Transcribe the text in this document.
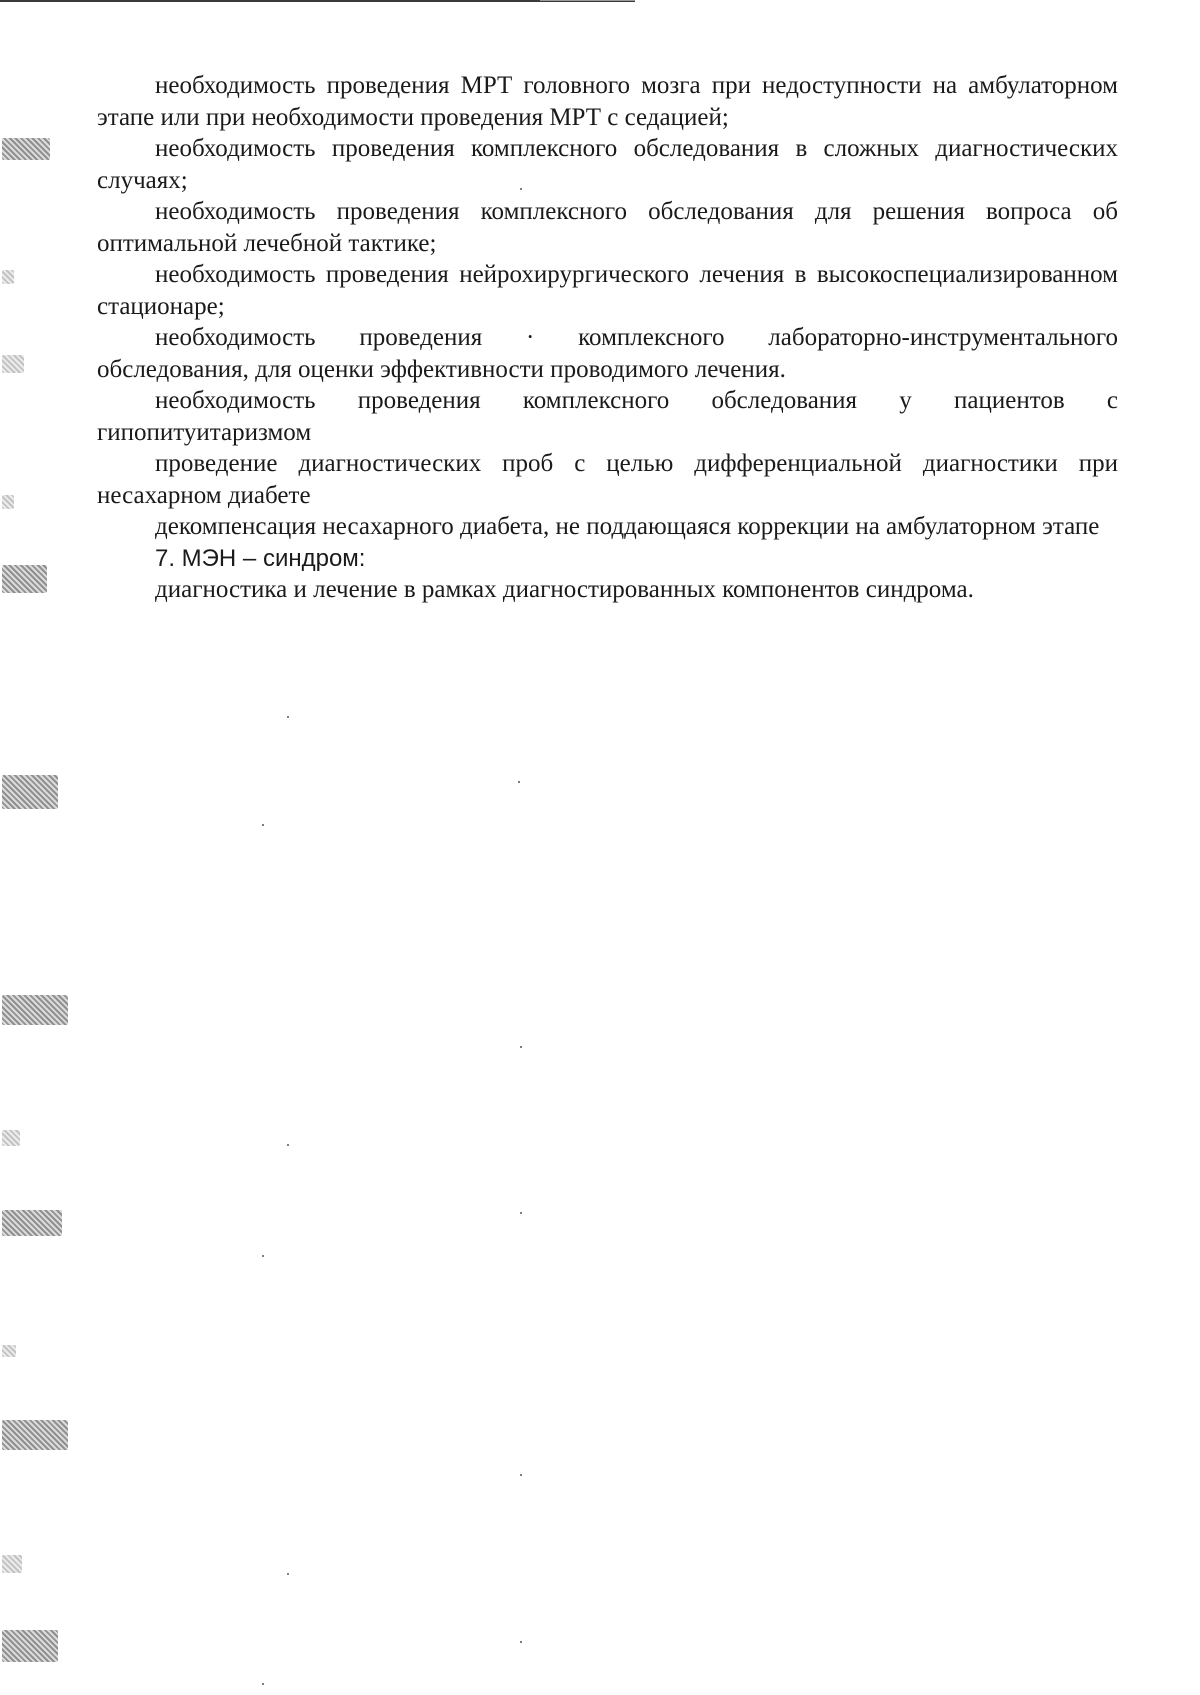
необходимость проведения МРТ головного мозга при недоступности на амбулаторном этапе или при необходимости проведения МРТ с седацией;

необходимость проведения комплексного обследования в сложных диагностических случаях;

необходимость проведения комплексного обследования для решения вопроса об оптимальной лечебной тактике;

необходимость проведения нейрохирургического лечения в высокоспециализированном стационаре;

необходимость проведения · комплексного лабораторно-инструментального обследования, для оценки эффективности проводимого лечения.

необходимость проведения комплексного обследования у пациентов с гипопитуитаризмом

проведение диагностических проб с целью дифференциальной диагностики при несахарном диабете

декомпенсация несахарного диабета, не поддающаяся коррекции на амбулаторном этапе

7. МЭН – синдром:

диагностика и лечение в рамках диагностированных компонентов синдрома.
